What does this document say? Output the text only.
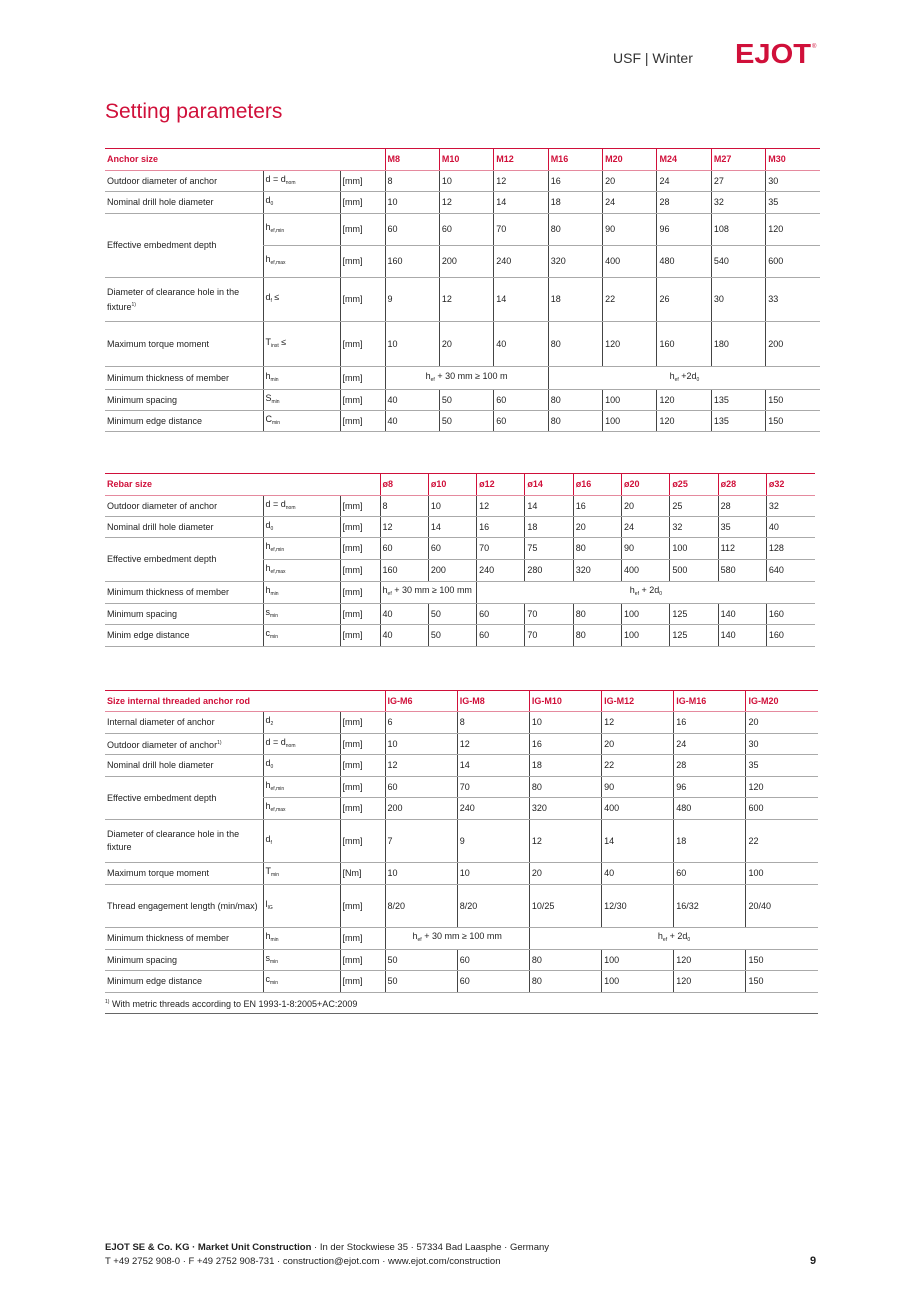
USF | Winter EJOT ®
Setting parameters
Anchor size			M8	M10	M12	M16	M20	M24	M27	M30
Outdoor diameter of anchor	$d = d_{nom}$	[mm]	8	10	12	16	20	24	27	30
Nominal drill hole diameter	$d_0$	[mm]	10	12	14	18	24	28	32	35
Effective embedment depth	$h_{ef,min}$	[mm]	60	60	70	80	90	96	108	120
	$h_{ef,max}$	[mm]	160	200	240	320	400	480	540	600
Diameter of clearance hole in the fixture$^{1)}$	$d_f$ ≤	[mm]	9	12	14	18	22	26	30	33
Maximum torque moment	$T_{inst}$ ≤	[mm]	10	20	40	80	120	160	180	200
Minimum thickness of member	$h_{min}$	[mm]	$h_{ef} + 30$ mm ≥ 100 m			$h_{ef} +2d_0$
Minimum spacing	$S_{min}$	[mm]	40	50	60	80	100	120	135	150
Minimum edge distance	$C_{min}$	[mm]	40	50	60	80	100	120	135	150
Rebar size			ø8	ø10	ø12	ø14	ø16	ø20	ø25	ø28	ø32
Outdoor diameter of anchor	$d = d_{nom}$	[mm]	8	10	12	14	16	20	25	28	32
Nominal drill hole diameter	$d_0$	[mm]	12	14	16	18	20	24	32	35	40
Effective embedment depth	$h_{ef,min}$	[mm]	60	60	70	75	80	90	100	112	128
	$h_{ef,max}$	[mm]	160	200	240	280	320	400	500	580	640
Minimum thickness of member	$h_{min}$	[mm]	$h_{ef} + 30$ mm ≥ 100 mm		$h_{ef} + 2d_0$
Minimum spacing	$s_{min}$	[mm]	40	50	60	70	80	100	125	140	160
Minim edge distance	$c_{min}$	[mm]	40	50	60	70	80	100	125	140	160
Size internal threaded anchor rod			IG-M6	IG-M8	IG-M10	IG-M12	IG-M16	IG-M20
Internal diameter of anchor	$d_2$	[mm]	6	8	10	12	16	20
Outdoor diameter of anchor$^{1)}$	$d = d_{nom}$	[mm]	10	12	16	20	24	30
Nominal drill hole diameter	$d_0$	[mm]	12	14	18	22	28	35
Effective embedment depth	$h_{ef,min}$	[mm]	60	70	80	90	96	120
	$h_{ef,max}$	[mm]	200	240	320	400	480	600
Diameter of clearance hole in the fixture	$d_f$	[mm]	7	9	12	14	18	22
Maximum torque moment	$T_{min}$	[Nm]	10	10	20	40	60	100
Thread engagement length (min/max)	$l_{IG}$	[mm]	8/20	8/20	10/25	12/30	16/32	20/40
Minimum thickness of member	$h_{min}$	[mm]	$h_{ef} + 30$ mm ≥ 100 mm		$h_{ef} + 2d_0$
Minimum spacing	$s_{min}$	[mm]	50	60	80	100	120	150
Minimum edge distance	$c_{min}$	[mm]	50	60	80	100	120	150
$^{1)}$ With metric threads according to EN 1993-1-8:2005+AC:2009
EJOT SE & Co. KG · Market Unit Construction · In der Stockwiese 35 · 57334 Bad Laasphe · Germany
T +49 2752 908-0 · F +49 2752 908-731 · construction@ejot.com · www.ejot.com/construction	9
